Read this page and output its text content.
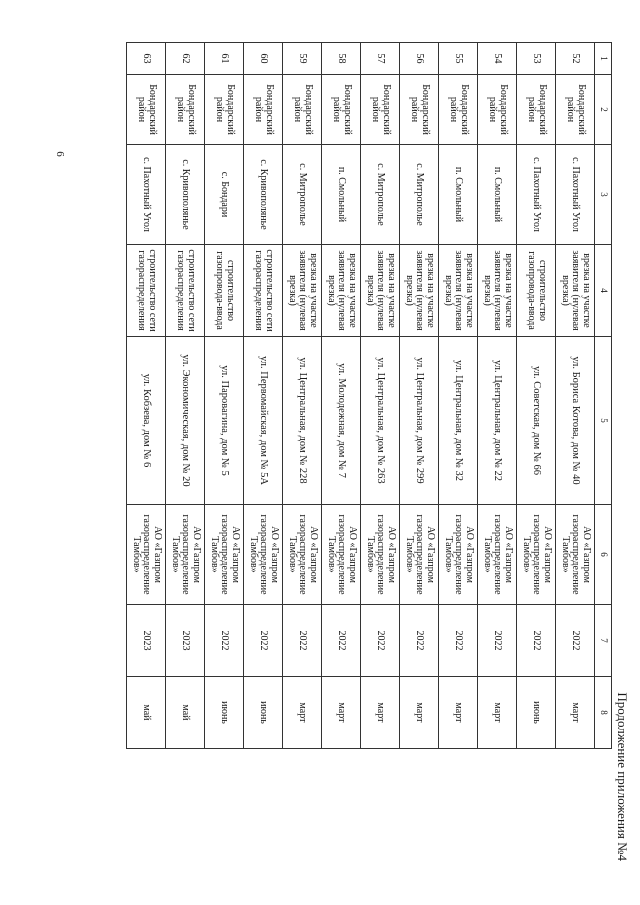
6
Продолжение приложения №4
1	2	3	4	5	6	7	8
52	Бондарский район	с. Пахотный Угол	врезка на участке заявителя (нулевая врезка)	ул. Бориса Котова, дом № 40	АО «Газпром газораспределение Тамбов»	2022	март
53	Бондарский район	с. Пахотный Угол	строительство газопровода-ввода	ул. Советская, дом № 66	АО «Газпром газораспределение Тамбов»	2022	июнь
54	Бондарский район	п. Смольный	врезка на участке заявителя (нулевая врезка)	ул. Центральная, дом № 22	АО «Газпром газораспределение Тамбов»	2022	март
55	Бондарский район	п. Смольный	врезка на участке заявителя (нулевая врезка)	ул. Центральная, дом № 32	АО «Газпром газораспределение Тамбов»	2022	март
56	Бондарский район	с. Митрополье	врезка на участке заявителя (нулевая врезка)	ул. Центральная, дом № 299	АО «Газпром газораспределение Тамбов»	2022	март
57	Бондарский район	с. Митрополье	врезка на участке заявителя (нулевая врезка)	ул. Центральная, дом № 263	АО «Газпром газораспределение Тамбов»	2022	март
58	Бондарский район	п. Смольный	врезка на участке заявителя (нулевая врезка)	ул. Молодежная, дом № 7	АО «Газпром газораспределение Тамбов»	2022	март
59	Бондарский район	с. Митрополье	врезка на участке заявителя (нулевая врезка)	ул. Центральная, дом № 228	АО «Газпром газораспределение Тамбов»	2022	март
60	Бондарский район	с. Кривополянье	строительство сети газораспределения	ул. Первомайская, дом № 5А	АО «Газпром газораспределение Тамбов»	2022	июнь
61	Бондарский район	с. Бондари	строительство газопровода-ввода	ул. Паровагина, дом № 5	АО «Газпром газораспределение Тамбов»	2022	июнь
62	Бондарский район	с. Кривополянье	строительство сети газораспределения	ул. Экономическая, дом № 20	АО «Газпром газораспределение Тамбов»	2023	май
63	Бондарский район	с. Пахотный Угол	строительство сети газораспределения	ул. Кобзева, дом № 6	АО «Газпром газораспределение Тамбов»	2023	май
